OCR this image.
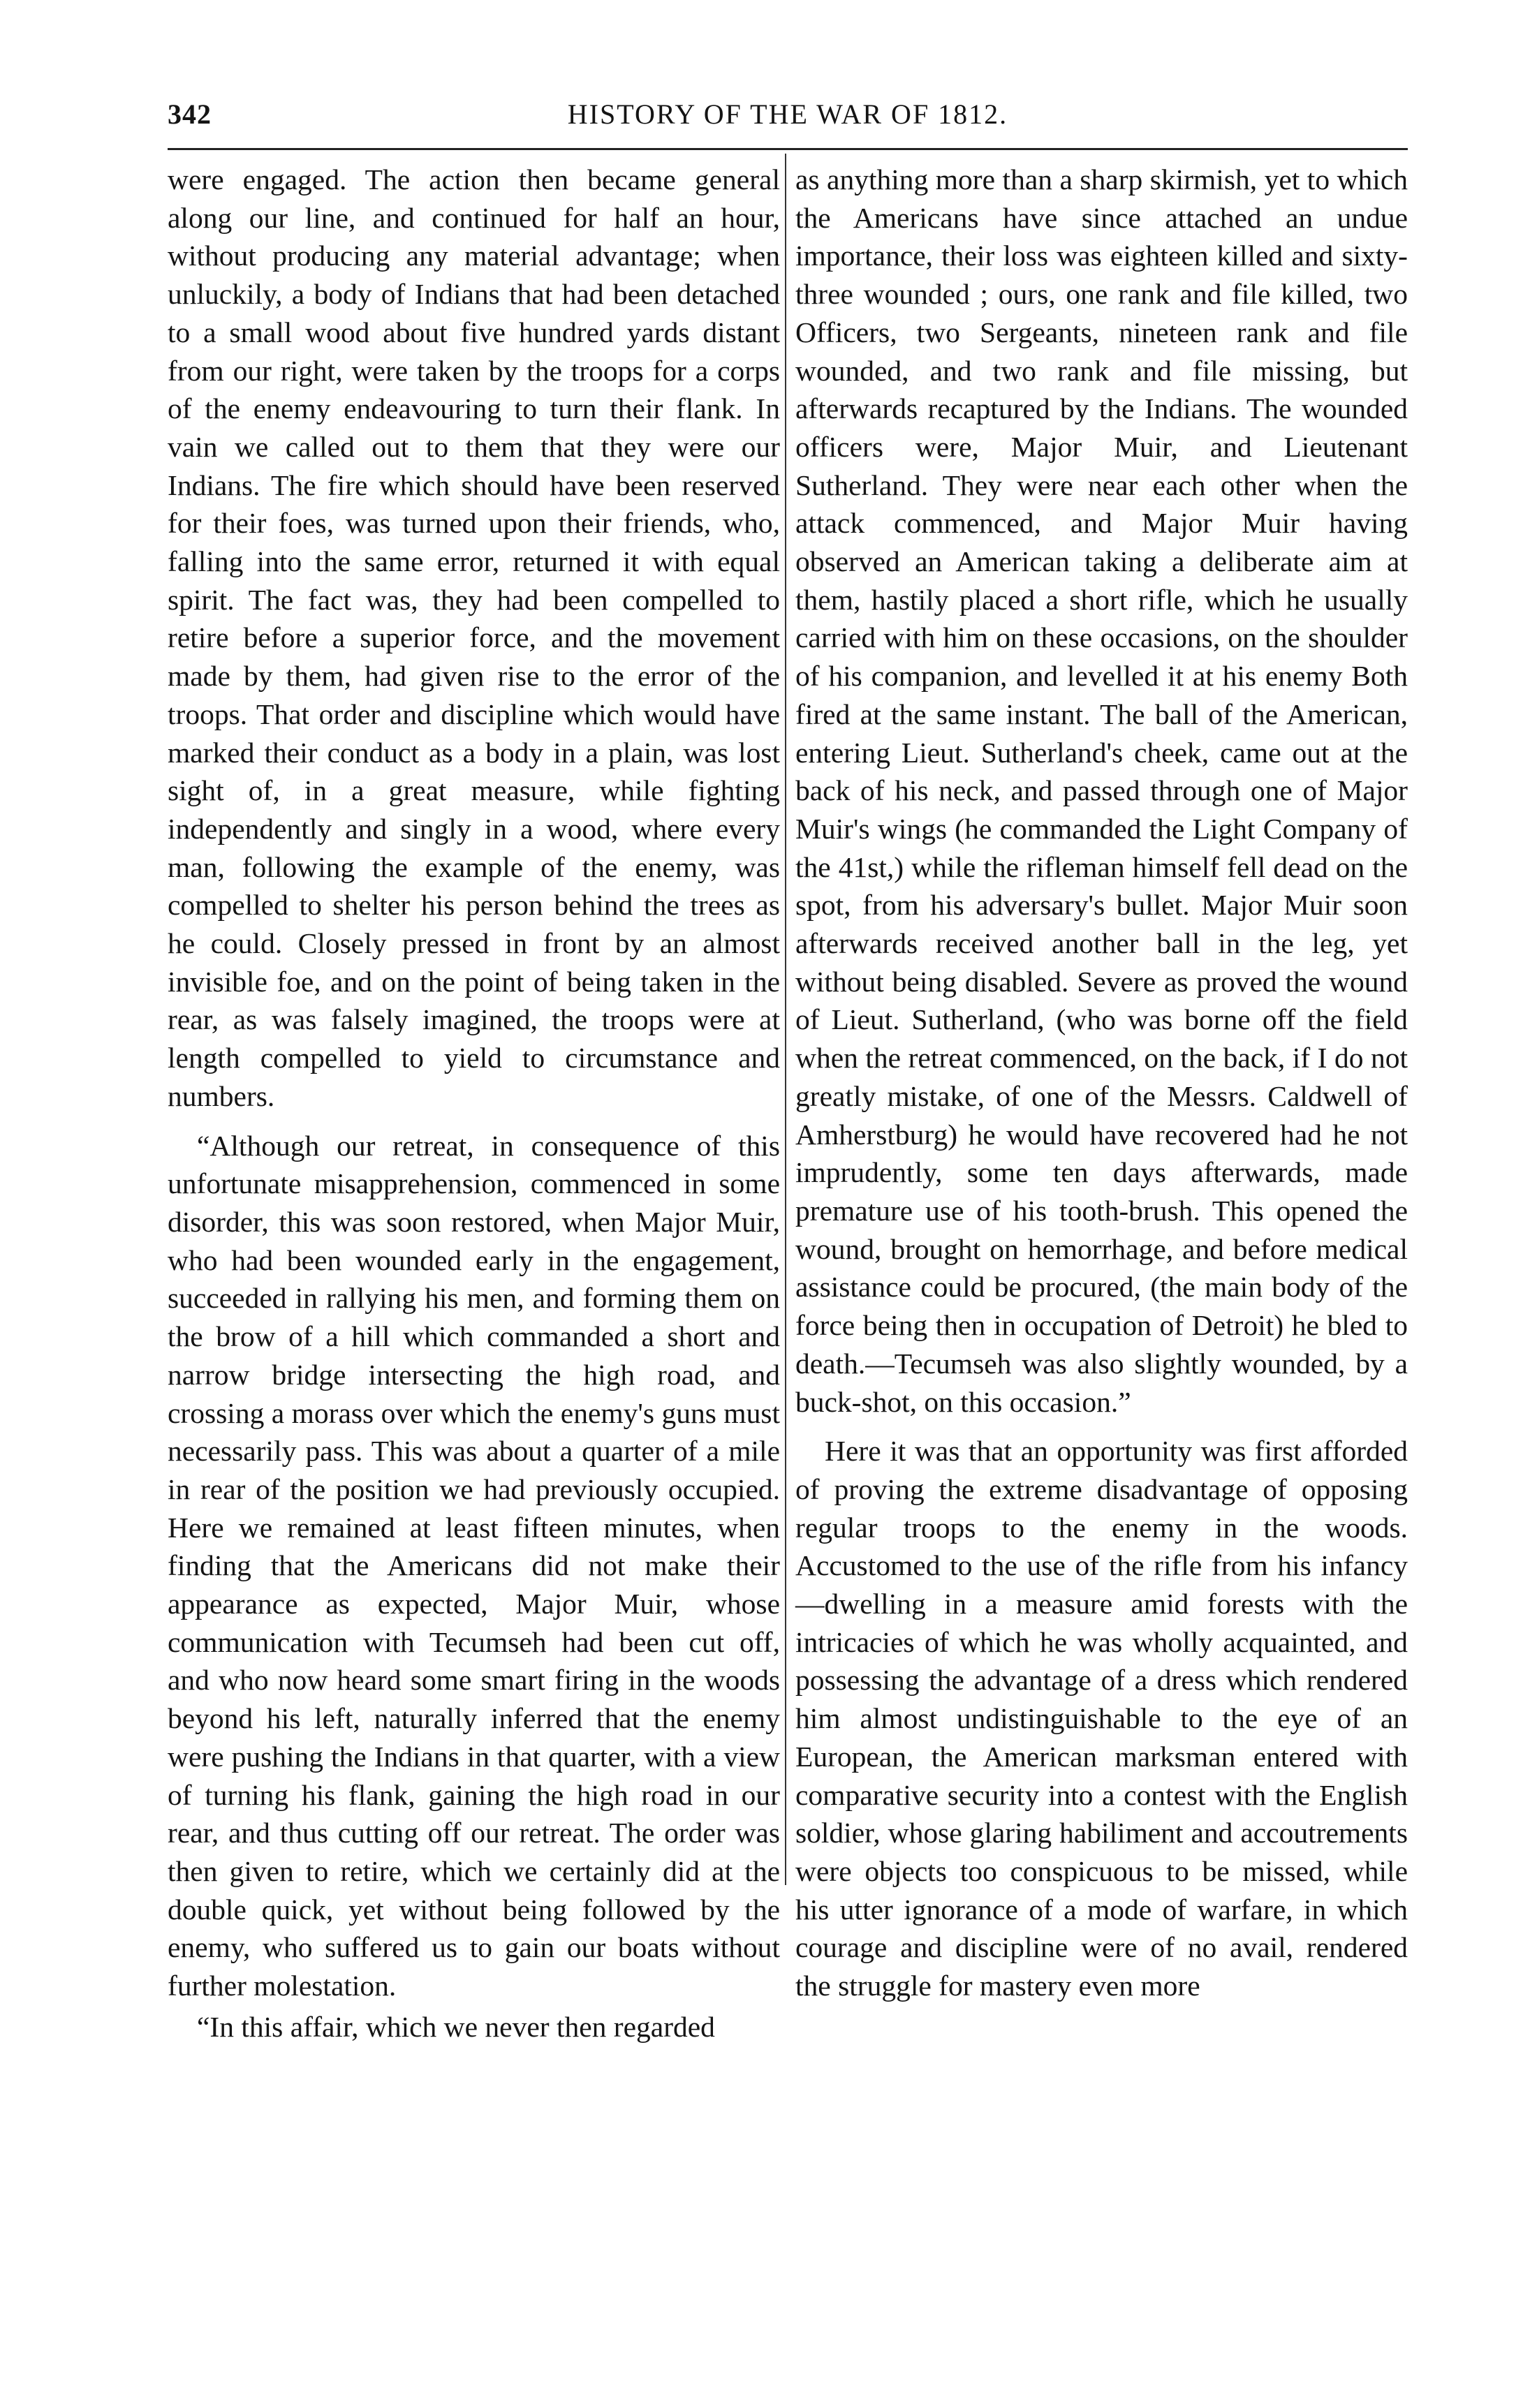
342	HISTORY OF THE WAR OF 1812.

were engaged. The action then became general along our line, and continued for half an hour, without producing any material advantage; when unluckily, a body of Indians that had been detached to a small wood about five hundred yards distant from our right, were taken by the troops for a corps of the enemy endeavouring to turn their flank. In vain we called out to them that they were our Indians. The fire which should have been reserved for their foes, was turned upon their friends, who, falling into the same error, returned it with equal spirit. The fact was, they had been compelled to retire before a superior force, and the movement made by them, had given rise to the error of the troops. That order and discipline which would have marked their conduct as a body in a plain, was lost sight of, in a great measure, while fighting independently and singly in a wood, where every man, following the example of the enemy, was compelled to shelter his person behind the trees as he could. Closely pressed in front by an almost invisible foe, and on the point of being taken in the rear, as was falsely imagined, the troops were at length compelled to yield to circumstance and numbers.

“Although our retreat, in consequence of this unfortunate misapprehension, commenced in some disorder, this was soon restored, when Major Muir, who had been wounded early in the engagement, succeeded in rallying his men, and forming them on the brow of a hill which commanded a short and narrow bridge intersecting the high road, and crossing a morass over which the enemy's guns must necessarily pass. This was about a quarter of a mile in rear of the position we had previously occupied. Here we remained at least fifteen minutes, when finding that the Americans did not make their appearance as expected, Major Muir, whose communication with Tecumseh had been cut off, and who now heard some smart firing in the woods beyond his left, naturally inferred that the enemy were pushing the Indians in that quarter, with a view of turning his flank, gaining the high road in our rear, and thus cutting off our retreat. The order was then given to retire, which we certainly did at the double quick, yet without being followed by the enemy, who suffered us to gain our boats without further molestation.

“In this affair, which we never then regarded

as anything more than a sharp skirmish, yet to which the Americans have since attached an undue importance, their loss was eighteen killed and sixty-three wounded ; ours, one rank and file killed, two Officers, two Sergeants, nineteen rank and file wounded, and two rank and file missing, but afterwards recaptured by the Indians. The wounded officers were, Major Muir, and Lieutenant Sutherland. They were near each other when the attack commenced, and Major Muir having observed an American taking a deliberate aim at them, hastily placed a short rifle, which he usually carried with him on these occasions, on the shoulder of his companion, and levelled it at his enemy Both fired at the same instant. The ball of the American, entering Lieut. Sutherland's cheek, came out at the back of his neck, and passed through one of Major Muir's wings (he commanded the Light Company of the 41st,) while the rifleman himself fell dead on the spot, from his adversary's bullet. Major Muir soon afterwards received another ball in the leg, yet without being disabled. Severe as proved the wound of Lieut. Sutherland, (who was borne off the field when the retreat commenced, on the back, if I do not greatly mistake, of one of the Messrs. Caldwell of Amherstburg) he would have recovered had he not imprudently, some ten days afterwards, made premature use of his tooth-brush. This opened the wound, brought on hemorrhage, and before medical assistance could be procured, (the main body of the force being then in occupation of Detroit) he bled to death.—Tecumseh was also slightly wounded, by a buck-shot, on this occasion.”

Here it was that an opportunity was first afforded of proving the extreme disadvantage of opposing regular troops to the enemy in the woods. Accustomed to the use of the rifle from his infancy—dwelling in a measure amid forests with the intricacies of which he was wholly acquainted, and possessing the advantage of a dress which rendered him almost undistinguishable to the eye of an European, the American marksman entered with comparative security into a contest with the English soldier, whose glaring habiliment and accoutrements were objects too conspicuous to be missed, while his utter ignorance of a mode of warfare, in which courage and discipline were of no avail, rendered the struggle for mastery even more
